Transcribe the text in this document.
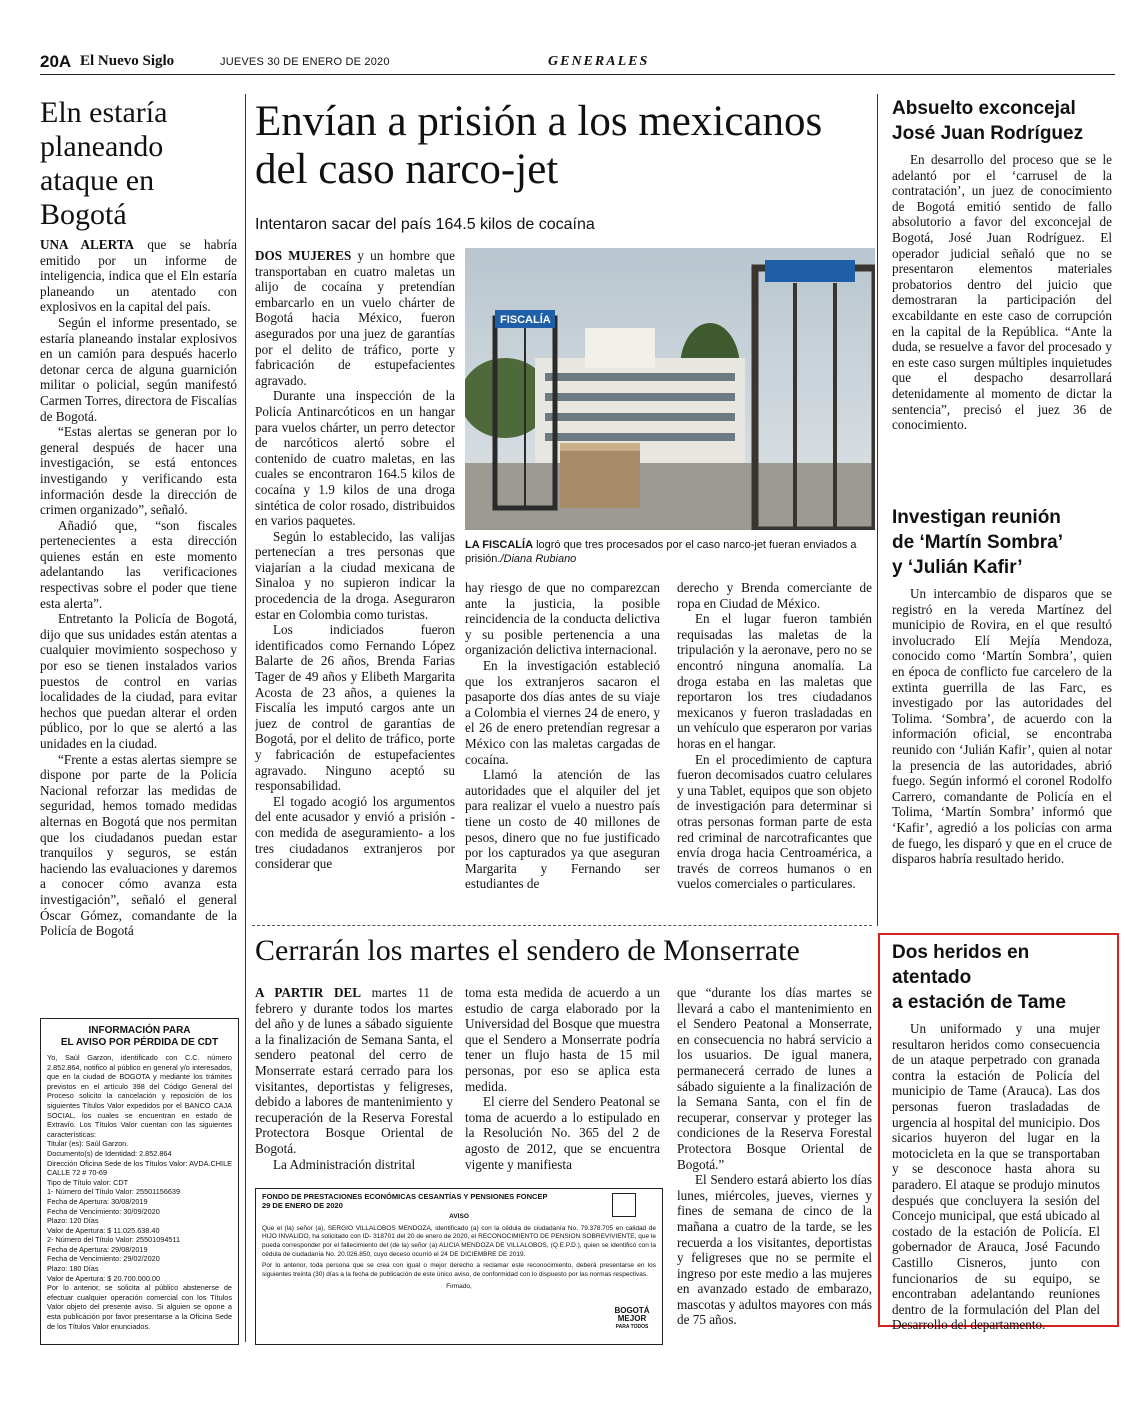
20A El Nuevo Siglo	JUEVES 30 DE ENERO DE 2020	GENERALES
Eln estaría planeando ataque en Bogotá

UNA ALERTA que se habría emitido por un informe de inteligencia, indica que el Eln estaría planeando un atentado con explosivos en la capital del país.

Según el informe presentado, se estaría planeando instalar explosivos en un camión para después hacerlo detonar cerca de alguna guarnición militar o policial, según manifestó Carmen Torres, directora de Fiscalías de Bogotá.

“Estas alertas se generan por lo general después de hacer una investigación, se está entonces investigando y verificando esta información desde la dirección de crimen organizado”, señaló.

Añadió que, “son fiscales pertenecientes a esta dirección quienes están en este momento adelantando las verificaciones respectivas sobre el poder que tiene esta alerta”.

Entretanto la Policía de Bogotá, dijo que sus unidades están atentas a cualquier movimiento sospechoso y por eso se tienen instalados varios puestos de control en varias localidades de la ciudad, para evitar hechos que puedan alterar el orden público, por lo que se alertó a las unidades en la ciudad.

“Frente a estas alertas siempre se dispone por parte de la Policía Nacional reforzar las medidas de seguridad, hemos tomado medidas alternas en Bogotá que nos permitan que los ciudadanos puedan estar tranquilos y seguros, se están haciendo las evaluaciones y daremos a conocer cómo avanza esta investigación”, señaló el general Óscar Gómez, comandante de la Policía de Bogotá

INFORMACIÓN PARA
EL AVISO POR PÉRDIDA DE CDT
Yo, Saúl Garzon, identificado con C.C. número 2.852.864, notifico al público en general y/o interesados, que en la ciudad de BOGOTA y mediante los trámites previstos en el artículo 398 del Código General del Proceso solicito la cancelación y reposición de los siguientes Títulos Valor expedidos por el BANCO CAJA SOCIAL, los cuales se encuentran en estado de Extravío. Los Títulos Valor cuentan con las siguientes características:
Titular (es): Saúl Garzon.
Documento(s) de Identidad: 2.852.864
Dirección Oficina Sede de los Títulos Valor: AVDA.CHILE CALLE 72 # 70-69
Tipo de Título valor: CDT
1- Número del Título Valor: 25501156639
Fecha de Apertura: 30/08/2019
Fecha de Vencimiento: 30/09/2020
Plazo: 120 Días
Valor de Apertura: $ 11.025.638.40
2- Número del Título Valor: 25501094511
Fecha de Apertura: 29/08/2019
Fecha de Vencimiento: 29/02/2020
Plazo: 180 Días
Valor de Apertura: $ 20.700.000.00
Por lo anterior, se solicita al público abstenerse de efectuar cualquier operación comercial con los Títulos Valor objeto del presente aviso. Si alguien se opone a esta publicación por favor presentarse a la Oficina Sede de los Títulos Valor enunciados.
Envían a prisión a los mexicanos del caso narco-jet
Intentaron sacar del país 164.5 kilos de cocaína

DOS MUJERES y un hombre que transportaban en cuatro maletas un alijo de cocaína y pretendían embarcarlo en un vuelo chárter de Bogotá hacia México, fueron asegurados por una juez de garantías por el delito de tráfico, porte y fabricación de estupefacientes agravado.

Durante una inspección de la Policía Antinarcóticos en un hangar para vuelos chárter, un perro detector de narcóticos alertó sobre el contenido de cuatro maletas, en las cuales se encontraron 164.5 kilos de cocaína y 1.9 kilos de una droga sintética de color rosado, distribuidos en varios paquetes.

Según lo establecido, las valijas pertenecían a tres personas que viajarían a la ciudad mexicana de Sinaloa y no supieron indicar la procedencia de la droga. Aseguraron estar en Colombia como turistas.

Los indiciados fueron identificados como Fernando López Balarte de 26 años, Brenda Farias Tager de 49 años y Elibeth Margarita Acosta de 23 años, a quienes la Fiscalía les imputó cargos ante un juez de control de garantías de Bogotá, por el delito de tráfico, porte y fabricación de estupefacientes agravado. Ninguno aceptó su responsabilidad.

El togado acogió los argumentos del ente acusador y envió a prisión -con medida de aseguramiento- a los tres ciudadanos extranjeros por considerar que

FISCALÍA
LA FISCALÍA logró que tres procesados por el caso narco-jet fueran enviados a prisión./Diana Rubiano

hay riesgo de que no comparezcan ante la justicia, la posible reincidencia de la conducta delictiva y su posible pertenencia a una organización delictiva internacional.

En la investigación estableció que los extranjeros sacaron el pasaporte dos días antes de su viaje a Colombia el viernes 24 de enero, y el 26 de enero pretendían regresar a México con las maletas cargadas de cocaína.

Llamó la atención de las autoridades que el alquiler del jet para realizar el vuelo a nuestro país tiene un costo de 40 millones de pesos, dinero que no fue justificado por los capturados ya que aseguran Margarita y Fernando ser estudiantes de

derecho y Brenda comerciante de ropa en Ciudad de México.

En el lugar fueron también requisadas las maletas de la tripulación y la aeronave, pero no se encontró ninguna anomalía. La droga estaba en las maletas que reportaron los tres ciudadanos mexicanos y fueron trasladadas en un vehículo que esperaron por varias horas en el hangar.

En el procedimiento de captura fueron decomisados cuatro celulares y una Tablet, equipos que son objeto de investigación para determinar si otras personas forman parte de esta red criminal de narcotraficantes que envía droga hacia Centroamérica, a través de correos humanos o en vuelos comerciales o particulares.

Cerrarán los martes el sendero de Monserrate

A PARTIR DEL martes 11 de febrero y durante todos los martes del año y de lunes a sábado siguiente a la finalización de Semana Santa, el sendero peatonal del cerro de Monserrate estará cerrado para los visitantes, deportistas y feligreses, debido a labores de mantenimiento y recuperación de la Reserva Forestal Protectora Bosque Oriental de Bogotá.

La Administración distrital

toma esta medida de acuerdo a un estudio de carga elaborado por la Universidad del Bosque que muestra que el Sendero a Monserrate podría tener un flujo hasta de 15 mil personas, por eso se aplica esta medida.

El cierre del Sendero Peatonal se toma de acuerdo a lo estipulado en la Resolución No. 365 del 2 de agosto de 2012, que se encuentra vigente y manifiesta

que “durante los días martes se llevará a cabo el mantenimiento en el Sendero Peatonal a Monserrate, en consecuencia no habrá servicio a los usuarios. De igual manera, permanecerá cerrado de lunes a sábado siguiente a la finalización de la Semana Santa, con el fin de recuperar, conservar y proteger las condiciones de la Reserva Forestal Protectora Bosque Oriental de Bogotá.”

El Sendero estará abierto los días lunes, miércoles, jueves, viernes y fines de semana de cinco de la mañana a cuatro de la tarde, se les recuerda a los visitantes, deportistas y feligreses que no se permite el ingreso por este medio a las mujeres en avanzado estado de embarazo, mascotas y adultos mayores con más de 75 años.

FONDO DE PRESTACIONES ECONÓMICAS CESANTÍAS Y PENSIONES FONCEP
29 DE ENERO DE 2020
AVISO
Que el (la) señor (a), SERGIO VILLALOBOS MENDOZA, identificado (a) con la cédula de ciudadanía No. 79.378.705 en calidad de HIJO INVALIDO, ha solicitado con ID- 318701 del 20 de enero de 2020, el RECONOCIMIENTO DE PENSION SOBREVIVIENTE, que le pueda corresponder por el fallecimiento del (de la) señor (a) ALICIA MENDOZA DE VILLALOBOS, (Q.E.P.D.), quien se identificó con la cédula de ciudadanía No. 20.026.850, cuyo deceso ocurrió el 24 DE DICIEMBRE DE 2019.
Por lo anterior, toda persona que se crea con igual o mejor derecho a reclamar este reconocimiento, deberá presentarse en los siguientes treinta (30) días a la fecha de publicación de este único aviso, de conformidad con lo dispuesto por las normas respectivas.
Firmado,
BOGOTÁ
MEJOR
PARA TODOS
Absuelto exconcejal
José Juan Rodríguez

En desarrollo del proceso que se le adelantó por el ‘carrusel de la contratación’, un juez de conocimiento de Bogotá emitió sentido de fallo absolutorio a favor del exconcejal de Bogotá, José Juan Rodríguez. El operador judicial señaló que no se presentaron elementos materiales probatorios dentro del juicio que demostraran la participación del excabildante en este caso de corrupción en la capital de la República. “Ante la duda, se resuelve a favor del procesado y en este caso surgen múltiples inquietudes que el despacho desarrollará detenidamente al momento de dictar la sentencia”, precisó el juez 36 de conocimiento.

Investigan reunión
de ‘Martín Sombra’
y ‘Julián Kafir’

Un intercambio de disparos que se registró en la vereda Martínez del municipio de Rovira, en el que resultó involucrado Elí Mejía Mendoza, conocido como ‘Martín Sombra’, quien en época de conflicto fue carcelero de la extinta guerrilla de las Farc, es investigado por las autoridades del Tolima. ‘Sombra’, de acuerdo con la información oficial, se encontraba reunido con ‘Julián Kafir’, quien al notar la presencia de las autoridades, abrió fuego. Según informó el coronel Rodolfo Carrero, comandante de Policía en el Tolima, ‘Martín Sombra’ informó que ‘Kafir’, agredió a los policías con arma de fuego, les disparó y que en el cruce de disparos habría resultado herido.

Dos heridos en atentado
a estación de Tame

Un uniformado y una mujer resultaron heridos como consecuencia de un ataque perpetrado con granada contra la estación de Policía del municipio de Tame (Arauca). Las dos personas fueron trasladadas de urgencia al hospital del municipio. Dos sicarios huyeron del lugar en la motocicleta en la que se transportaban y se desconoce hasta ahora su paradero. El ataque se produjo minutos después que concluyera la sesión del Concejo municipal, que está ubicado al costado de la estación de Policía. El gobernador de Arauca, José Facundo Castillo Cisneros, junto con funcionarios de su equipo, se encontraban adelantando reuniones dentro de la formulación del Plan del Desarrollo del departamento.
